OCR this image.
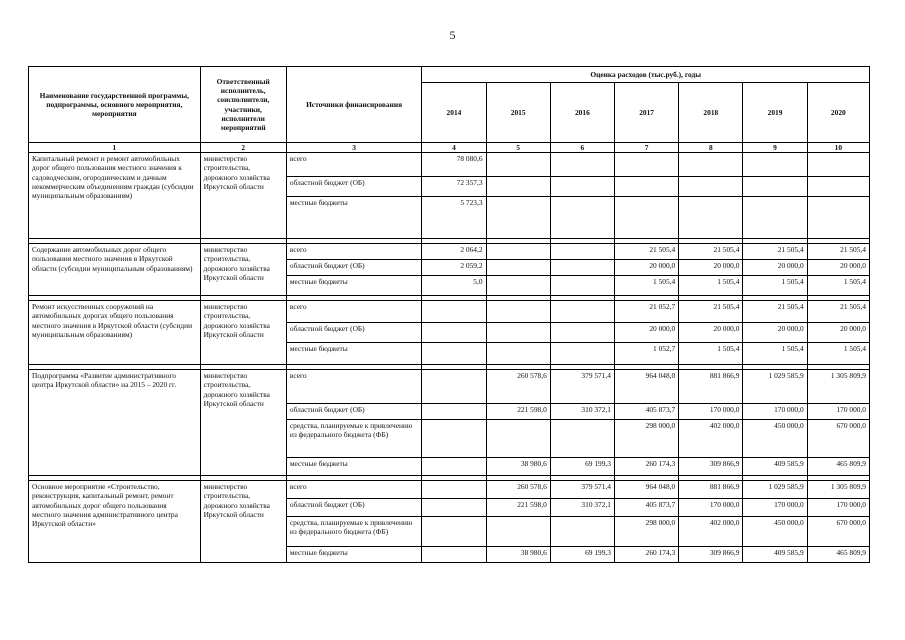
5
Наименование государственной программы, подпрограммы, основного мероприятия, мероприятия	Ответственный исполнитель, соисполнители, участники, исполнители мероприятий	Источники финансирования	Оценка расходов (тыс.руб.), годы						
			2014	2015	2016	2017	2018	2019	2020
1	2	3	4	5	6	7	8	9	10
Капитальный ремонт и ремонт автомобильных дорог общего пользования местного значения к садоводческим, огородническим и дачным некоммерческим объединениям граждан (субсидии муниципальным образованиям)	министерство строительства, дорожного хозяйства Иркутской области	всего	78 080,6						
		областной бюджет (ОБ)	72 357,3						
		местные бюджеты	5 723,3						

Содержание автомобильных дорог общего пользования местного значения в Иркутской области (субсидии муниципальным образованиям)	министерство строительства, дорожного хозяйства Иркутской области	всего	2 064,2			21 505,4	21 505,4	21 505,4	21 505,4
		областной бюджет (ОБ)	2 059,2			20 000,0	20 000,0	20 000,0	20 000,0
		местные бюджеты	5,0			1 505,4	1 505,4	1 505,4	1 505,4

Ремонт искусственных сооружений на автомобильных дорогах общего пользования местного значения в Иркутской области (субсидии муниципальным образованиям)	министерство строительства, дорожного хозяйства Иркутской области	всего				21 052,7	21 505,4	21 505,4	21 505,4
		областной бюджет (ОБ)				20 000,0	20 000,0	20 000,0	20 000,0
		местные бюджеты				1 052,7	1 505,4	1 505,4	1 505,4

Подпрограмма «Развитие административного центра Иркутской области» на 2015 – 2020 гг.	министерство строительства, дорожного хозяйства Иркутской области	всего		260 578,6	379 571,4	964 048,0	881 866,9	1 029 585,9	1 305 809,9
		областной бюджет (ОБ)		221 598,0	310 372,1	405 873,7	170 000,0	170 000,0	170 000,0
		средства, планируемые к привлечению из федерального бюджета (ФБ)				298 000,0	402 000,0	450 000,0	670 000,0
		местные бюджеты		38 980,6	69 199,3	260 174,3	309 866,9	409 585,9	465 809,9

Основное мероприятие «Строительство, реконструкция, капитальный ремонт, ремонт автомобильных дорог общего пользования местного значения административного центра Иркутской области»	министерство строительства, дорожного хозяйства Иркутской области	всего		260 578,6	379 571,4	964 048,0	881 866,9	1 029 585,9	1 305 809,9
		областной бюджет (ОБ)		221 598,0	310 372,1	405 873,7	170 000,0	170 000,0	170 000,0
		средства, планируемые к привлечению из федерального бюджета (ФБ)				298 000,0	402 000,0	450 000,0	670 000,0
		местные бюджеты		38 980,6	69 199,3	260 174,3	309 866,9	409 585,9	465 809,9
